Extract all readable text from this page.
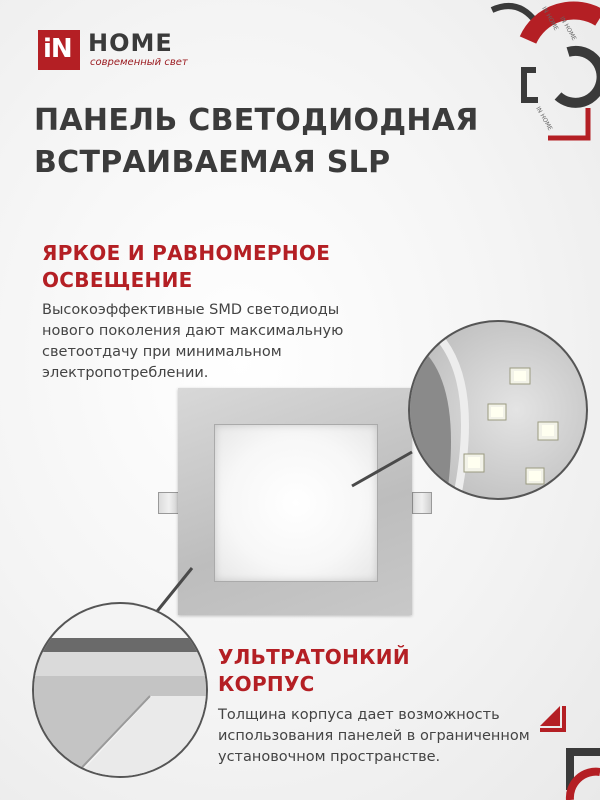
iN HOME
современный свет
IN HOME
IN HOME
IN HOME
ПАНЕЛЬ СВЕТОДИОДНАЯ
ВСТРАИВАЕМАЯ SLP
ЯРКОЕ И РАВНОМЕРНОЕ
ОСВЕЩЕНИЕ
Высокоэффективные SMD светодиоды
нового поколения дают максимальную
светоотдачу при минимальном
электропотреблении.
УЛЬТРАТОНКИЙ
КОРПУС
Толщина корпуса дает возможность
использования панелей в ограниченном
установочном пространстве.
